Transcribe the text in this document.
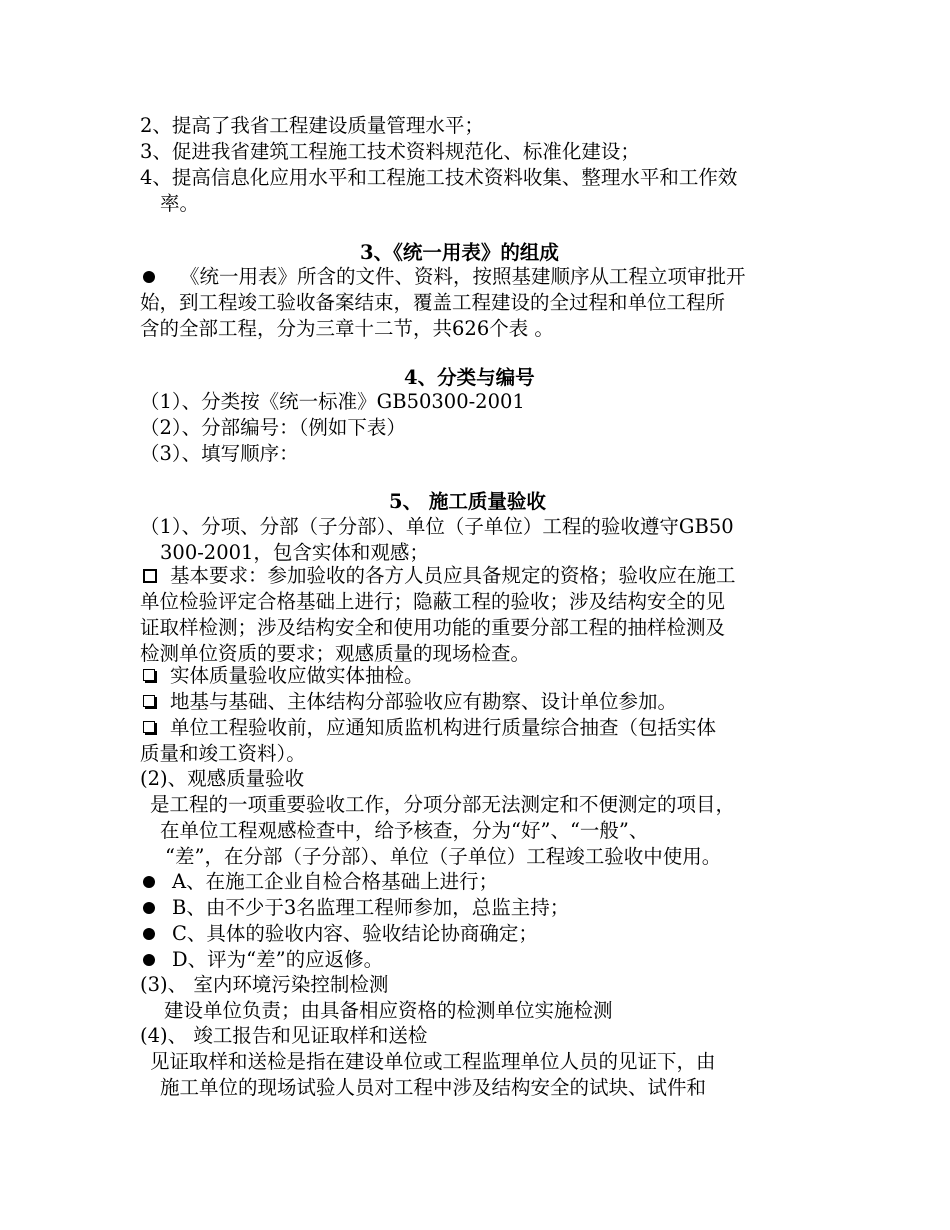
2、提高了我省工程建设质量管理水平；
3、促进我省建筑工程施工技术资料规范化、标准化建设；
4、提高信息化应用水平和工程施工技术资料收集、整理水平和工作效
率。
3、《统一用表》的组成
《统一用表》所含的文件、资料，按照基建顺序从工程立项审批开
始，到工程竣工验收备案结束，覆盖工程建设的全过程和单位工程所
含的全部工程，分为三章十二节，共626个表 。
4、分类与编号
（1）、分类按《统一标准》GB50300-2001
（2）、分部编号：（例如下表）
（3）、填写顺序：
5、 施工质量验收
（1）、分项、分部（子分部）、单位（子单位）工程的验收遵守GB50
300-2001，包含实体和观感；
基本要求：参加验收的各方人员应具备规定的资格；验收应在施工
单位检验评定合格基础上进行；隐蔽工程的验收；涉及结构安全的见
证取样检测；涉及结构安全和使用功能的重要分部工程的抽样检测及
检测单位资质的要求；观感质量的现场检查。
实体质量验收应做实体抽检。
地基与基础、主体结构分部验收应有勘察、设计单位参加。
单位工程验收前，应通知质监机构进行质量综合抽查（包括实体
质量和竣工资料）。
(2)、观感质量验收
是工程的一项重要验收工作，分项分部无法测定和不便测定的项目，
在单位工程观感检查中，给予核查，分为“好”、“一般”、
“差”，在分部（子分部）、单位（子单位）工程竣工验收中使用。
A、在施工企业自检合格基础上进行；
B、由不少于3名监理工程师参加，总监主持；
C、具体的验收内容、验收结论协商确定；
D、评为“差”的应返修。
(3)、 室内环境污染控制检测
建设单位负责；由具备相应资格的检测单位实施检测
(4)、 竣工报告和见证取样和送检
见证取样和送检是指在建设单位或工程监理单位人员的见证下，由
施工单位的现场试验人员对工程中涉及结构安全的试块、试件和
